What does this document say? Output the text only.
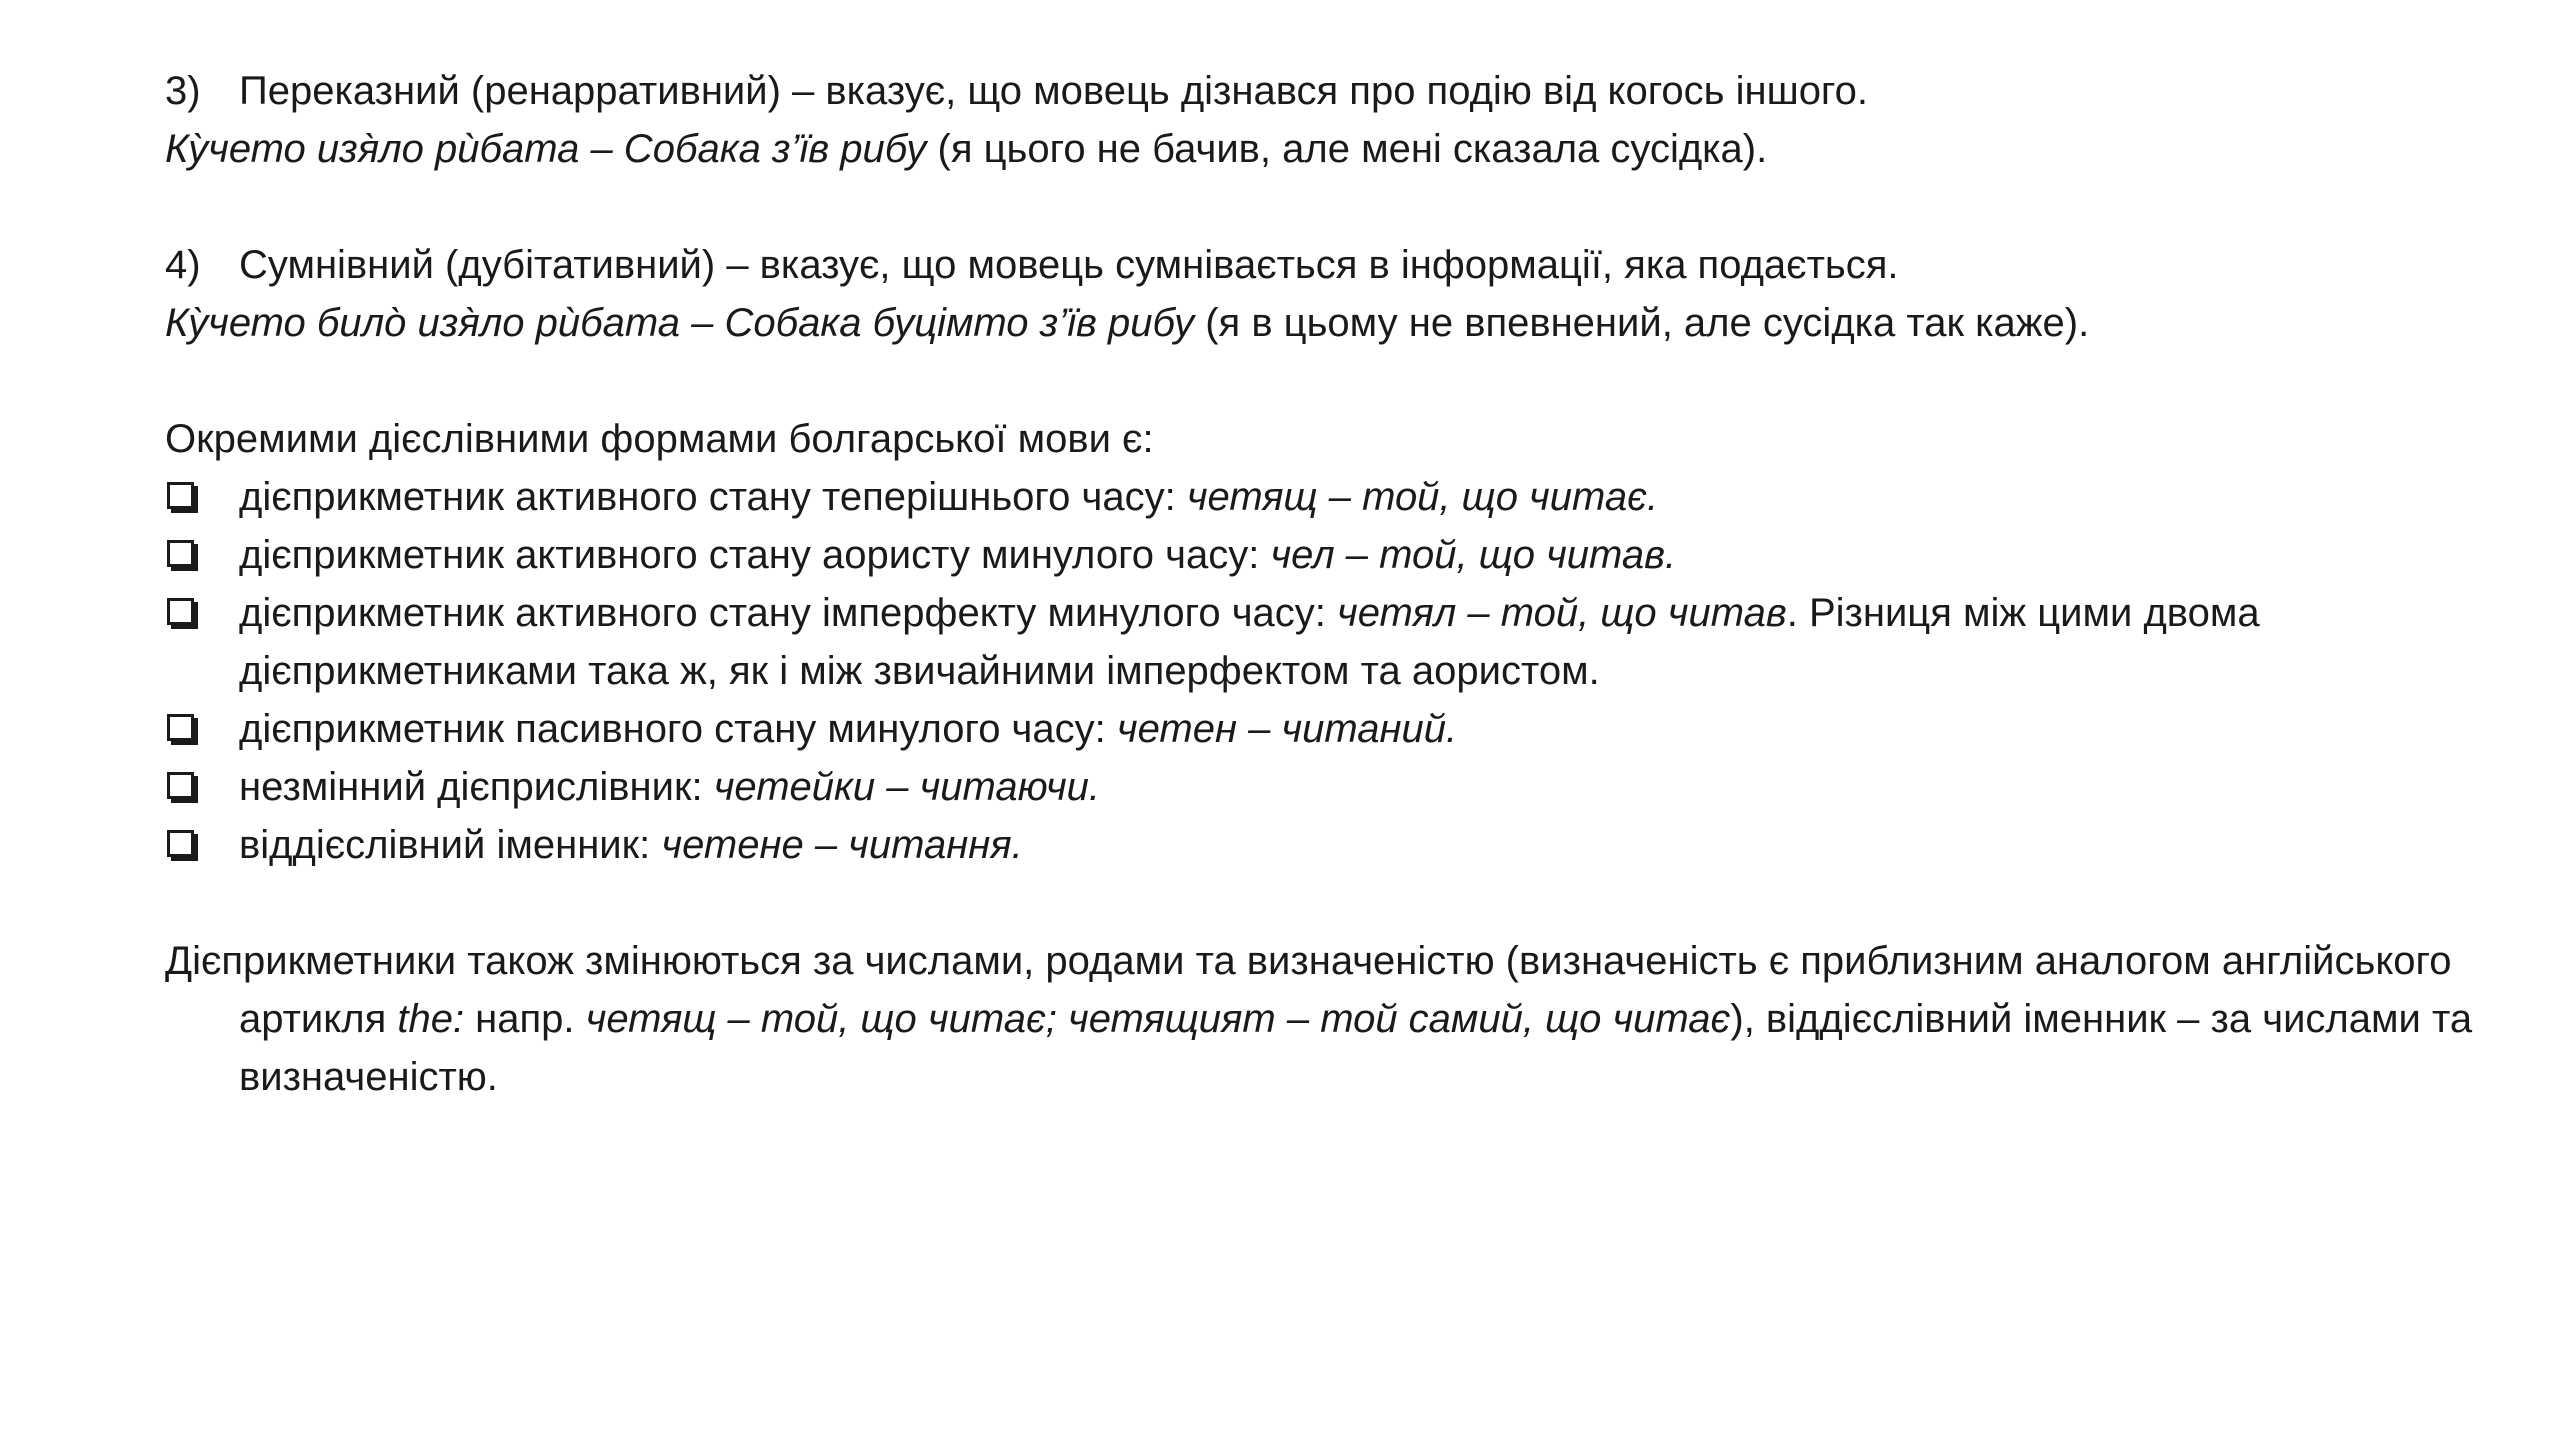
3) Переказний (ренарративний) – вказує, що мовець дізнався про подію від когось іншого.

Ку̀чето изя̀ло рѝбата – Собака з’їв рибу (я цього не бачив, але мені сказала сусідка).

4) Сумнівний (дубітативний) – вказує, що мовець сумнівається в інформації, яка подається.

Ку̀чето било̀ изя̀ло рѝбата – Собака буцімто з’їв рибу (я в цьому не впевнений, але сусідка так каже).

Окремими дієслівними формами болгарської мови є:

дієприкметник активного стану теперішнього часу: четящ – той, що читає.
дієприкметник активного стану аористу минулого часу: чел – той, що читав.
дієприкметник активного стану імперфекту минулого часу: четял – той, що читав. Різниця між цими двома дієприкметниками така ж, як і між звичайними імперфектом та аористом.
дієприкметник пасивного стану минулого часу: четен – читаний.
незмінний дієприслівник: четейки – читаючи.
віддієслівний іменник: четене – читання.

Дієприкметники також змінюються за числами, родами та визначеністю (визначеність є приблизним аналогом англійського артикля the: напр. четящ – той, що читає; четящият – той самий, що читає), віддієслівний іменник – за числами та визначеністю.
